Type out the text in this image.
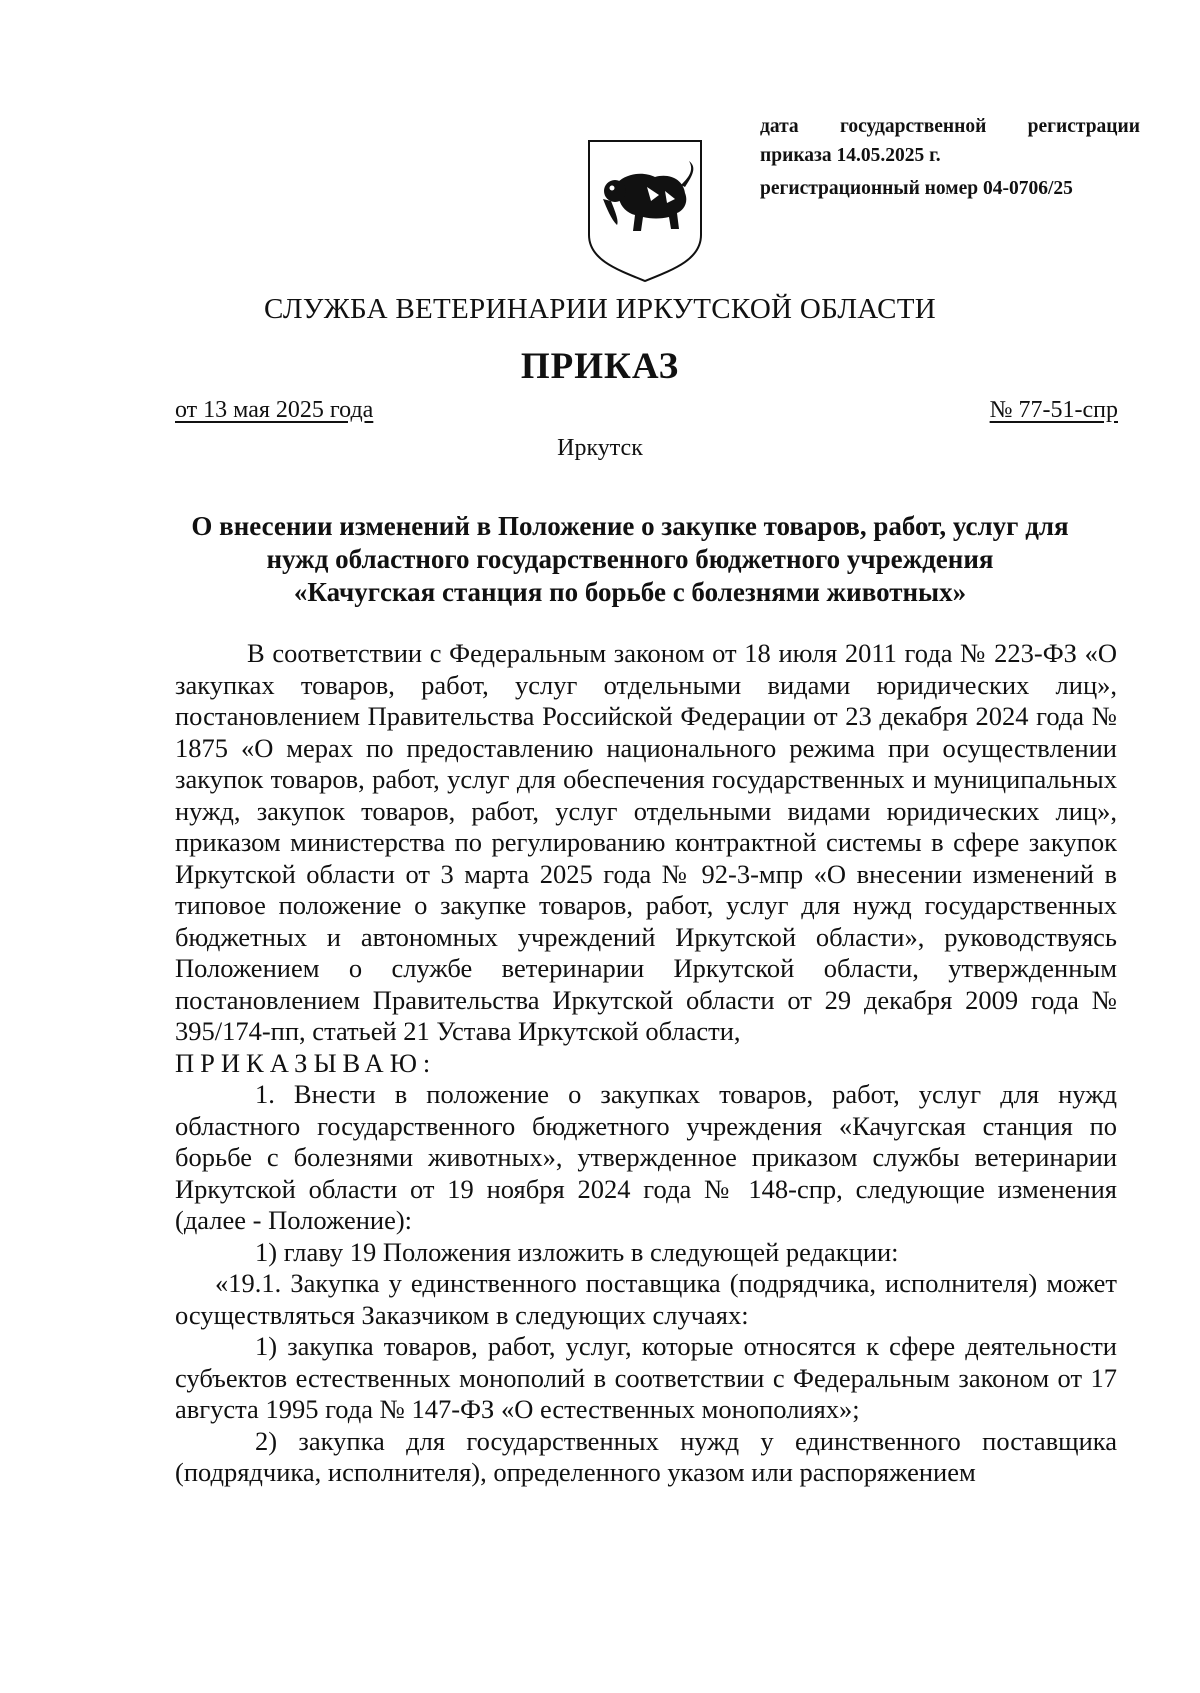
дата государственной регистрации
приказа 14.05.2025 г.
регистрационный номер 04-0706/25
СЛУЖБА ВЕТЕРИНАРИИ ИРКУТСКОЙ ОБЛАСТИ
ПРИКАЗ
от 13 мая 2025 года	№ 77-51-спр
Иркутск
О внесении изменений в Положение о закупке товаров, работ, услуг для
нужд областного государственного бюджетного учреждения
«Качугская станция по борьбе с болезнями животных»

В соответствии с Федеральным законом от 18 июля 2011 года № 223-ФЗ «О закупках товаров, работ, услуг отдельными видами юридических лиц», постановлением Правительства Российской Федерации от 23 декабря 2024 года № 1875 «О мерах по предоставлению национального режима при осуществлении закупок товаров, работ, услуг для обеспечения государственных и муниципальных нужд, закупок товаров, работ, услуг отдельными видами юридических лиц», приказом министерства по регулированию контрактной системы в сфере закупок Иркутской области от 3 марта 2025 года № 92-3-мпр «О внесении изменений в типовое положение о закупке товаров, работ, услуг для нужд государственных бюджетных и автономных учреждений Иркутской области», руководствуясь Положением о службе ветеринарии Иркутской области, утвержденным постановлением Правительства Иркутской области от 29 декабря 2009 года № 395/174-пп, статьей 21 Устава Иркутской области,

ПРИКАЗЫВАЮ:

1. Внести в положение о закупках товаров, работ, услуг для нужд областного государственного бюджетного учреждения «Качугская станция по борьбе с болезнями животных», утвержденное приказом службы ветеринарии Иркутской области от 19 ноября 2024 года № 148-спр, следующие изменения (далее - Положение):

1) главу 19 Положения изложить в следующей редакции:

«19.1. Закупка у единственного поставщика (подрядчика, исполнителя) может осуществляться Заказчиком в следующих случаях:

1) закупка товаров, работ, услуг, которые относятся к сфере деятельности субъектов естественных монополий в соответствии с Федеральным законом от 17 августа 1995 года № 147-ФЗ «О естественных монополиях»;

2) закупка для государственных нужд у единственного поставщика (подрядчика, исполнителя), определенного указом или распоряжением
